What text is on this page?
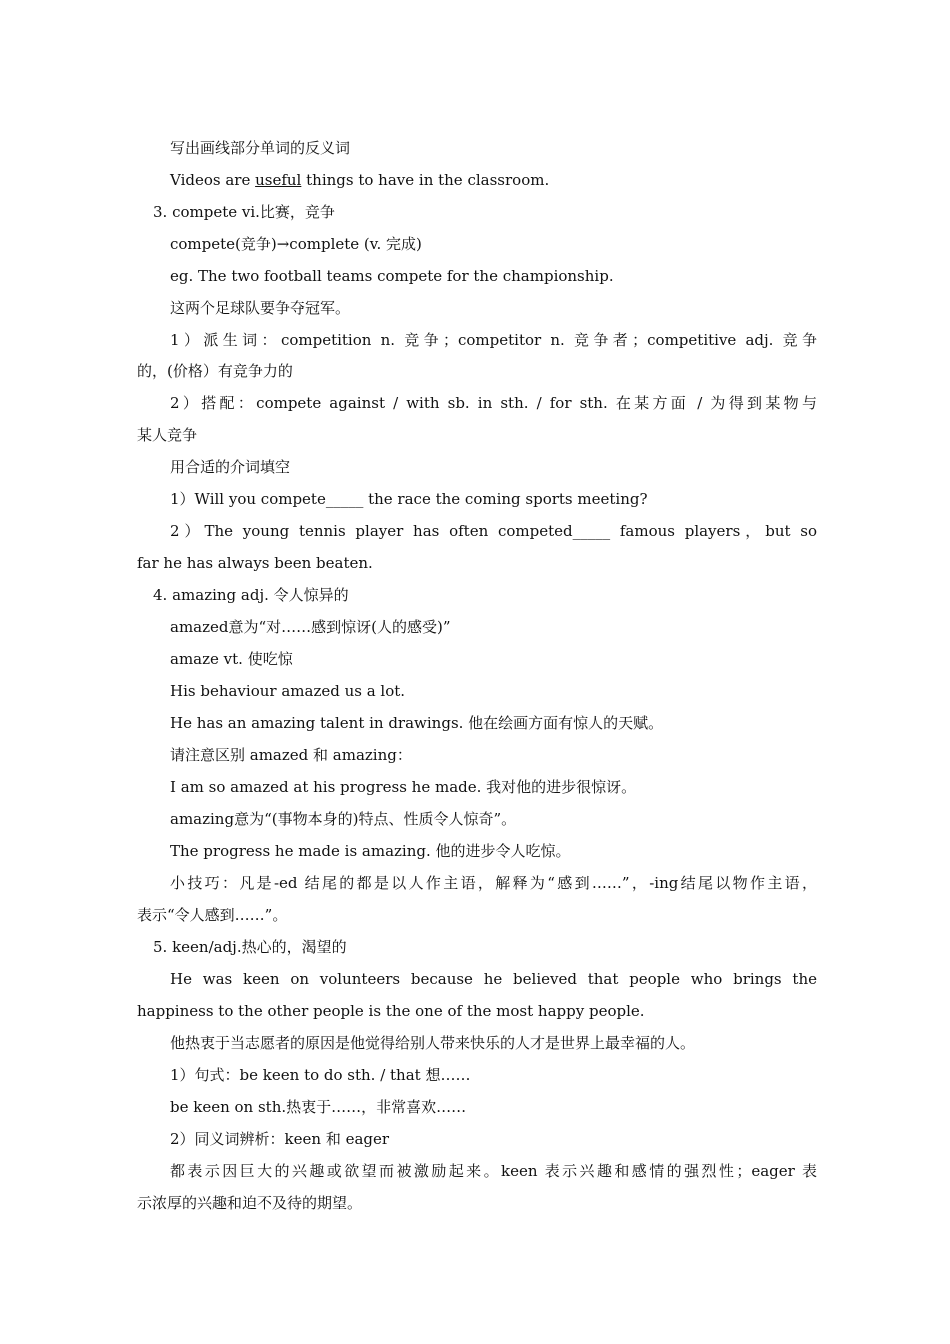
写出画线部分单词的反义词
Videos are useful things to have in the classroom.
3. compete vi.比赛，竞争
compete(竞争)→complete (v. 完成)
eg. The two football teams compete for the championship.
这两个足球队要争夺冠军。
1）派生词：competition n. 竞争；competitor n. 竞争者；competitive adj. 竞争
的，(价格）有竞争力的
2）搭配：compete against / with sb. in sth. / for sth. 在某方面 / 为得到某物与
某人竞争
用合适的介词填空
1）Will you compete_____ the race the coming sports meeting?
2）The young tennis player has often competed_____ famous players，but so
far he has always been beaten.
4. amazing adj. 令人惊异的
amazed意为“对……感到惊讶(人的感受)”
amaze vt. 使吃惊
His behaviour amazed us a lot.
He has an amazing talent in drawings. 他在绘画方面有惊人的天赋。
请注意区别 amazed 和 amazing：
I am so amazed at his progress he made. 我对他的进步很惊讶。
amazing意为“(事物本身的)特点、性质令人惊奇”。
The progress he made is amazing. 他的进步令人吃惊。
小技巧：凡是-ed 结尾的都是以人作主语，解释为“感到……”，-ing结尾以物作主语，
表示“令人感到……”。
5. keen/adj.热心的，渴望的
He was keen on volunteers because he believed that people who brings the
happiness to the other people is the one of the most happy people.
他热衷于当志愿者的原因是他觉得给别人带来快乐的人才是世界上最幸福的人。
1）句式：be keen to do sth. / that 想……
be keen on sth.热衷于……，非常喜欢……
2）同义词辨析：keen 和 eager
都表示因巨大的兴趣或欲望而被激励起来。keen 表示兴趣和感情的强烈性；eager 表
示浓厚的兴趣和迫不及待的期望。
